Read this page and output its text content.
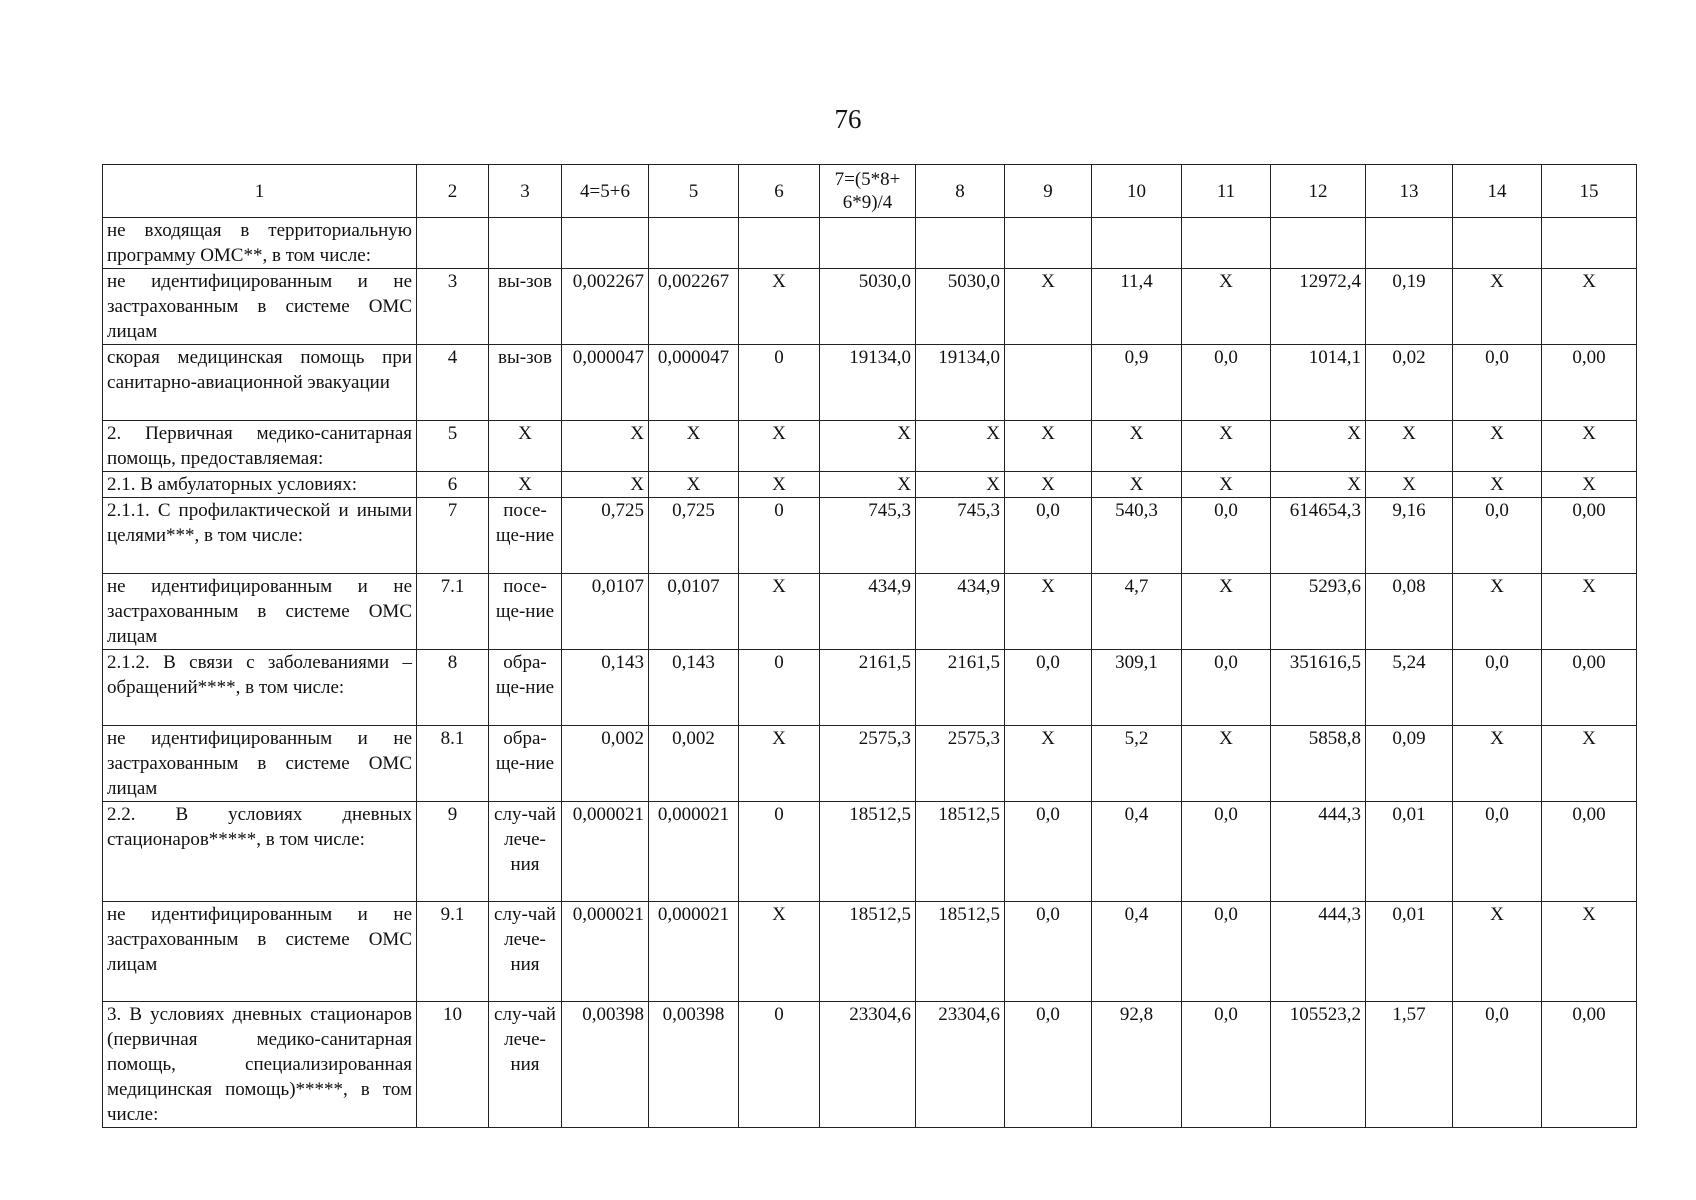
76
1	2	3	4=5+6	5	6	7=(5*8+ 6*9)/4	8	9	10	11	12	13	14	15
не входящая в территориальную программу ОМС**, в том числе:														
не идентифицированным и не застрахованным в системе ОМС лицам	3	вы-зов	0,002267	0,002267	X	5030,0	5030,0	X	11,4	X	12972,4	0,19	X	X
скорая медицинская помощь при санитарно-авиационной эвакуации	4	вы-зов	0,000047	0,000047	0	19134,0	19134,0		0,9	0,0	1014,1	0,02	0,0	0,00
2. Первичная медико-санитарная помощь, предоставляемая:	5	X	X	X	X	X	X	X	X	X	X	X	X	X
2.1. В амбулаторных условиях:	6	X	X	X	X	X	X	X	X	X	X	X	X	X
2.1.1. С профилактической и иными целями***, в том числе:	7	посе-ще-ние	0,725	0,725	0	745,3	745,3	0,0	540,3	0,0	614654,3	9,16	0,0	0,00
не идентифицированным и не застрахованным в системе ОМС лицам	7.1	посе-ще-ние	0,0107	0,0107	X	434,9	434,9	X	4,7	X	5293,6	0,08	X	X
2.1.2. В связи с заболеваниями – обращений****, в том числе:	8	обра-ще-ние	0,143	0,143	0	2161,5	2161,5	0,0	309,1	0,0	351616,5	5,24	0,0	0,00
не идентифицированным и не застрахованным в системе ОМС лицам	8.1	обра-ще-ние	0,002	0,002	X	2575,3	2575,3	X	5,2	X	5858,8	0,09	X	X
2.2. В условиях дневных стационаров*****, в том числе:	9	слу-чай лече-ния	0,000021	0,000021	0	18512,5	18512,5	0,0	0,4	0,0	444,3	0,01	0,0	0,00
не идентифицированным и не застрахованным в системе ОМС лицам	9.1	слу-чай лече-ния	0,000021	0,000021	X	18512,5	18512,5	0,0	0,4	0,0	444,3	0,01	X	X
3. В условиях дневных стационаров (первичная медико-санитарная помощь, специализированная медицинская помощь)*****, в том числе:	10	слу-чай лече-ния	0,00398	0,00398	0	23304,6	23304,6	0,0	92,8	0,0	105523,2	1,57	0,0	0,00
